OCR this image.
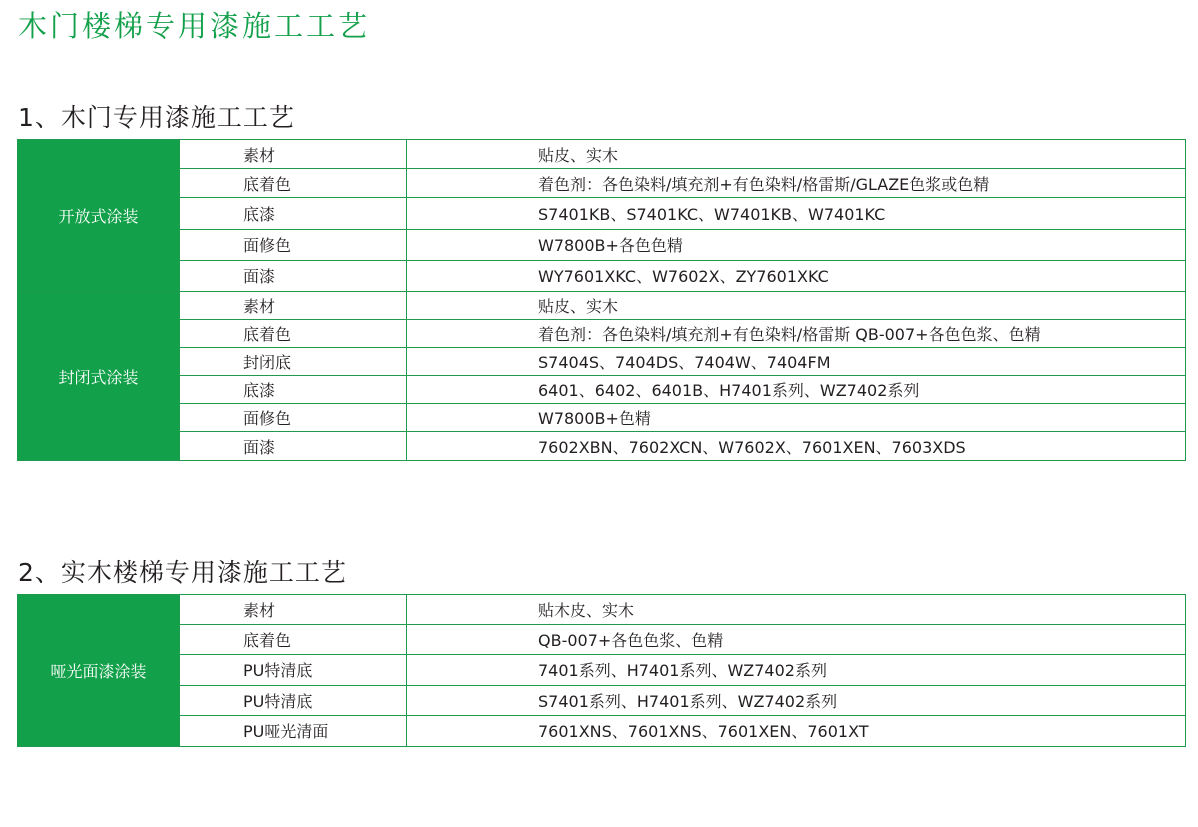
木门楼梯专用漆施工工艺
1、木门专用漆施工工艺
开放式涂装	素材	贴皮、实木
	底着色	着色剂：各色染料/填充剂+有色染料/格雷斯/GLAZE色浆或色精
	底漆	S7401KB、S7401KC、W7401KB、W7401KC
	面修色	W7800B+各色色精
	面漆	WY7601XKC、W7602X、ZY7601XKC
封闭式涂装	素材	贴皮、实木
	底着色	着色剂：各色染料/填充剂+有色染料/格雷斯 QB-007+各色色浆、色精
	封闭底	S7404S、7404DS、7404W、7404FM
	底漆	6401、6402、6401B、H7401系列、WZ7402系列
	面修色	W7800B+色精
	面漆	7602XBN、7602XCN、W7602X、7601XEN、7603XDS
2、实木楼梯专用漆施工工艺
哑光面漆涂装	素材	贴木皮、实木
	底着色	QB-007+各色色浆、色精
	PU特清底	7401系列、H7401系列、WZ7402系列
	PU特清底	S7401系列、H7401系列、WZ7402系列
	PU哑光清面	7601XNS、7601XNS、7601XEN、7601XT
